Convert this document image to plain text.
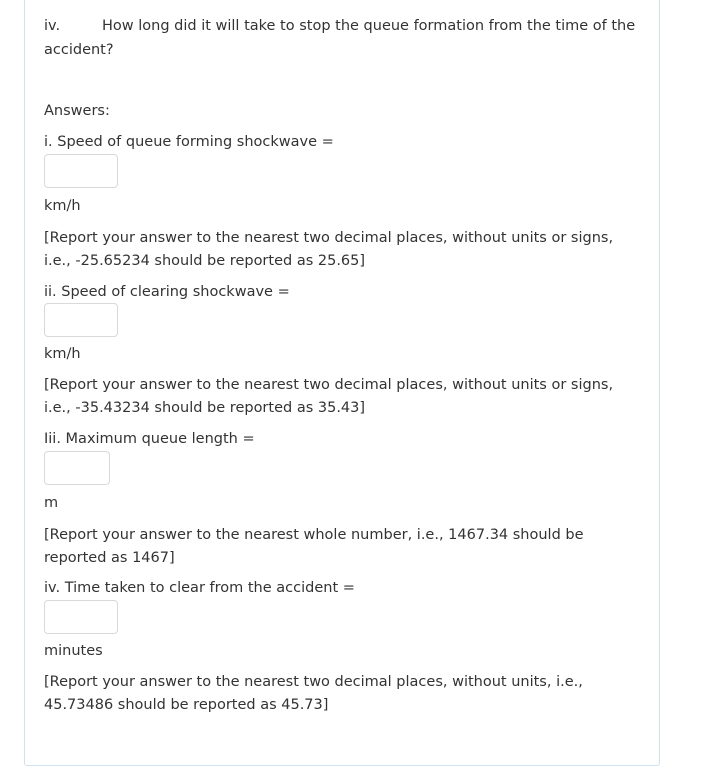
iv.	How long did it will take to stop the queue formation from the time of the
accident?
Answers:
i. Speed of queue forming shockwave =
km/h
[Report your answer to the nearest two decimal places, without units or signs, i.e., -25.65234 should be reported as 25.65]
ii. Speed of clearing shockwave =
km/h
[Report your answer to the nearest two decimal places, without units or signs, i.e., -35.43234 should be reported as 35.43]
Iii. Maximum queue length =
m
[Report your answer to the nearest whole number, i.e., 1467.34 should be reported as 1467]
iv. Time taken to clear from the accident =
minutes
[Report your answer to the nearest two decimal places, without units, i.e., 45.73486 should be reported as 45.73]
